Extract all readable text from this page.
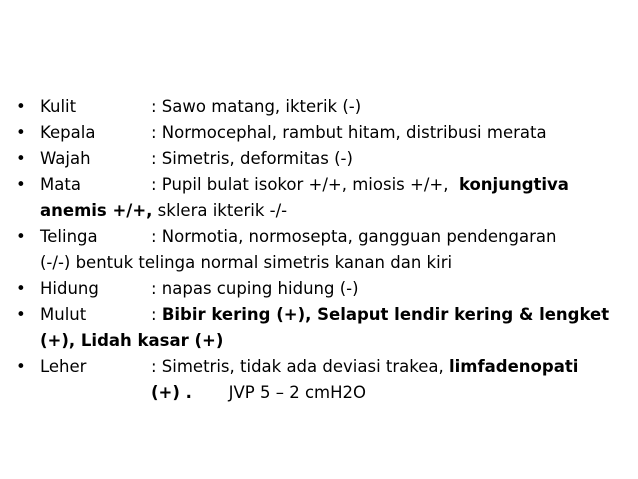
• Kulit	: Sawo matang, ikterik (-)
• Kepala	: Normocephal, rambut hitam, distribusi merata
• Wajah	: Simetris, deformitas (-)
• Mata	: Pupil bulat isokor +/+, miosis +/+,  konjungtiva
anemis +/+, sklera ikterik -/-
• Telinga	: Normotia, normosepta, gangguan pendengaran
(-/-) bentuk telinga normal simetris kanan dan kiri
• Hidung	: napas cuping hidung (-)
• Mulut	: Bibir kering (+), Selaput lendir kering & lengket
(+), Lidah kasar (+)
• Leher	: Simetris, tidak ada deviasi trakea, limfadenopati
(+) .       JVP 5 – 2 cmH2O
